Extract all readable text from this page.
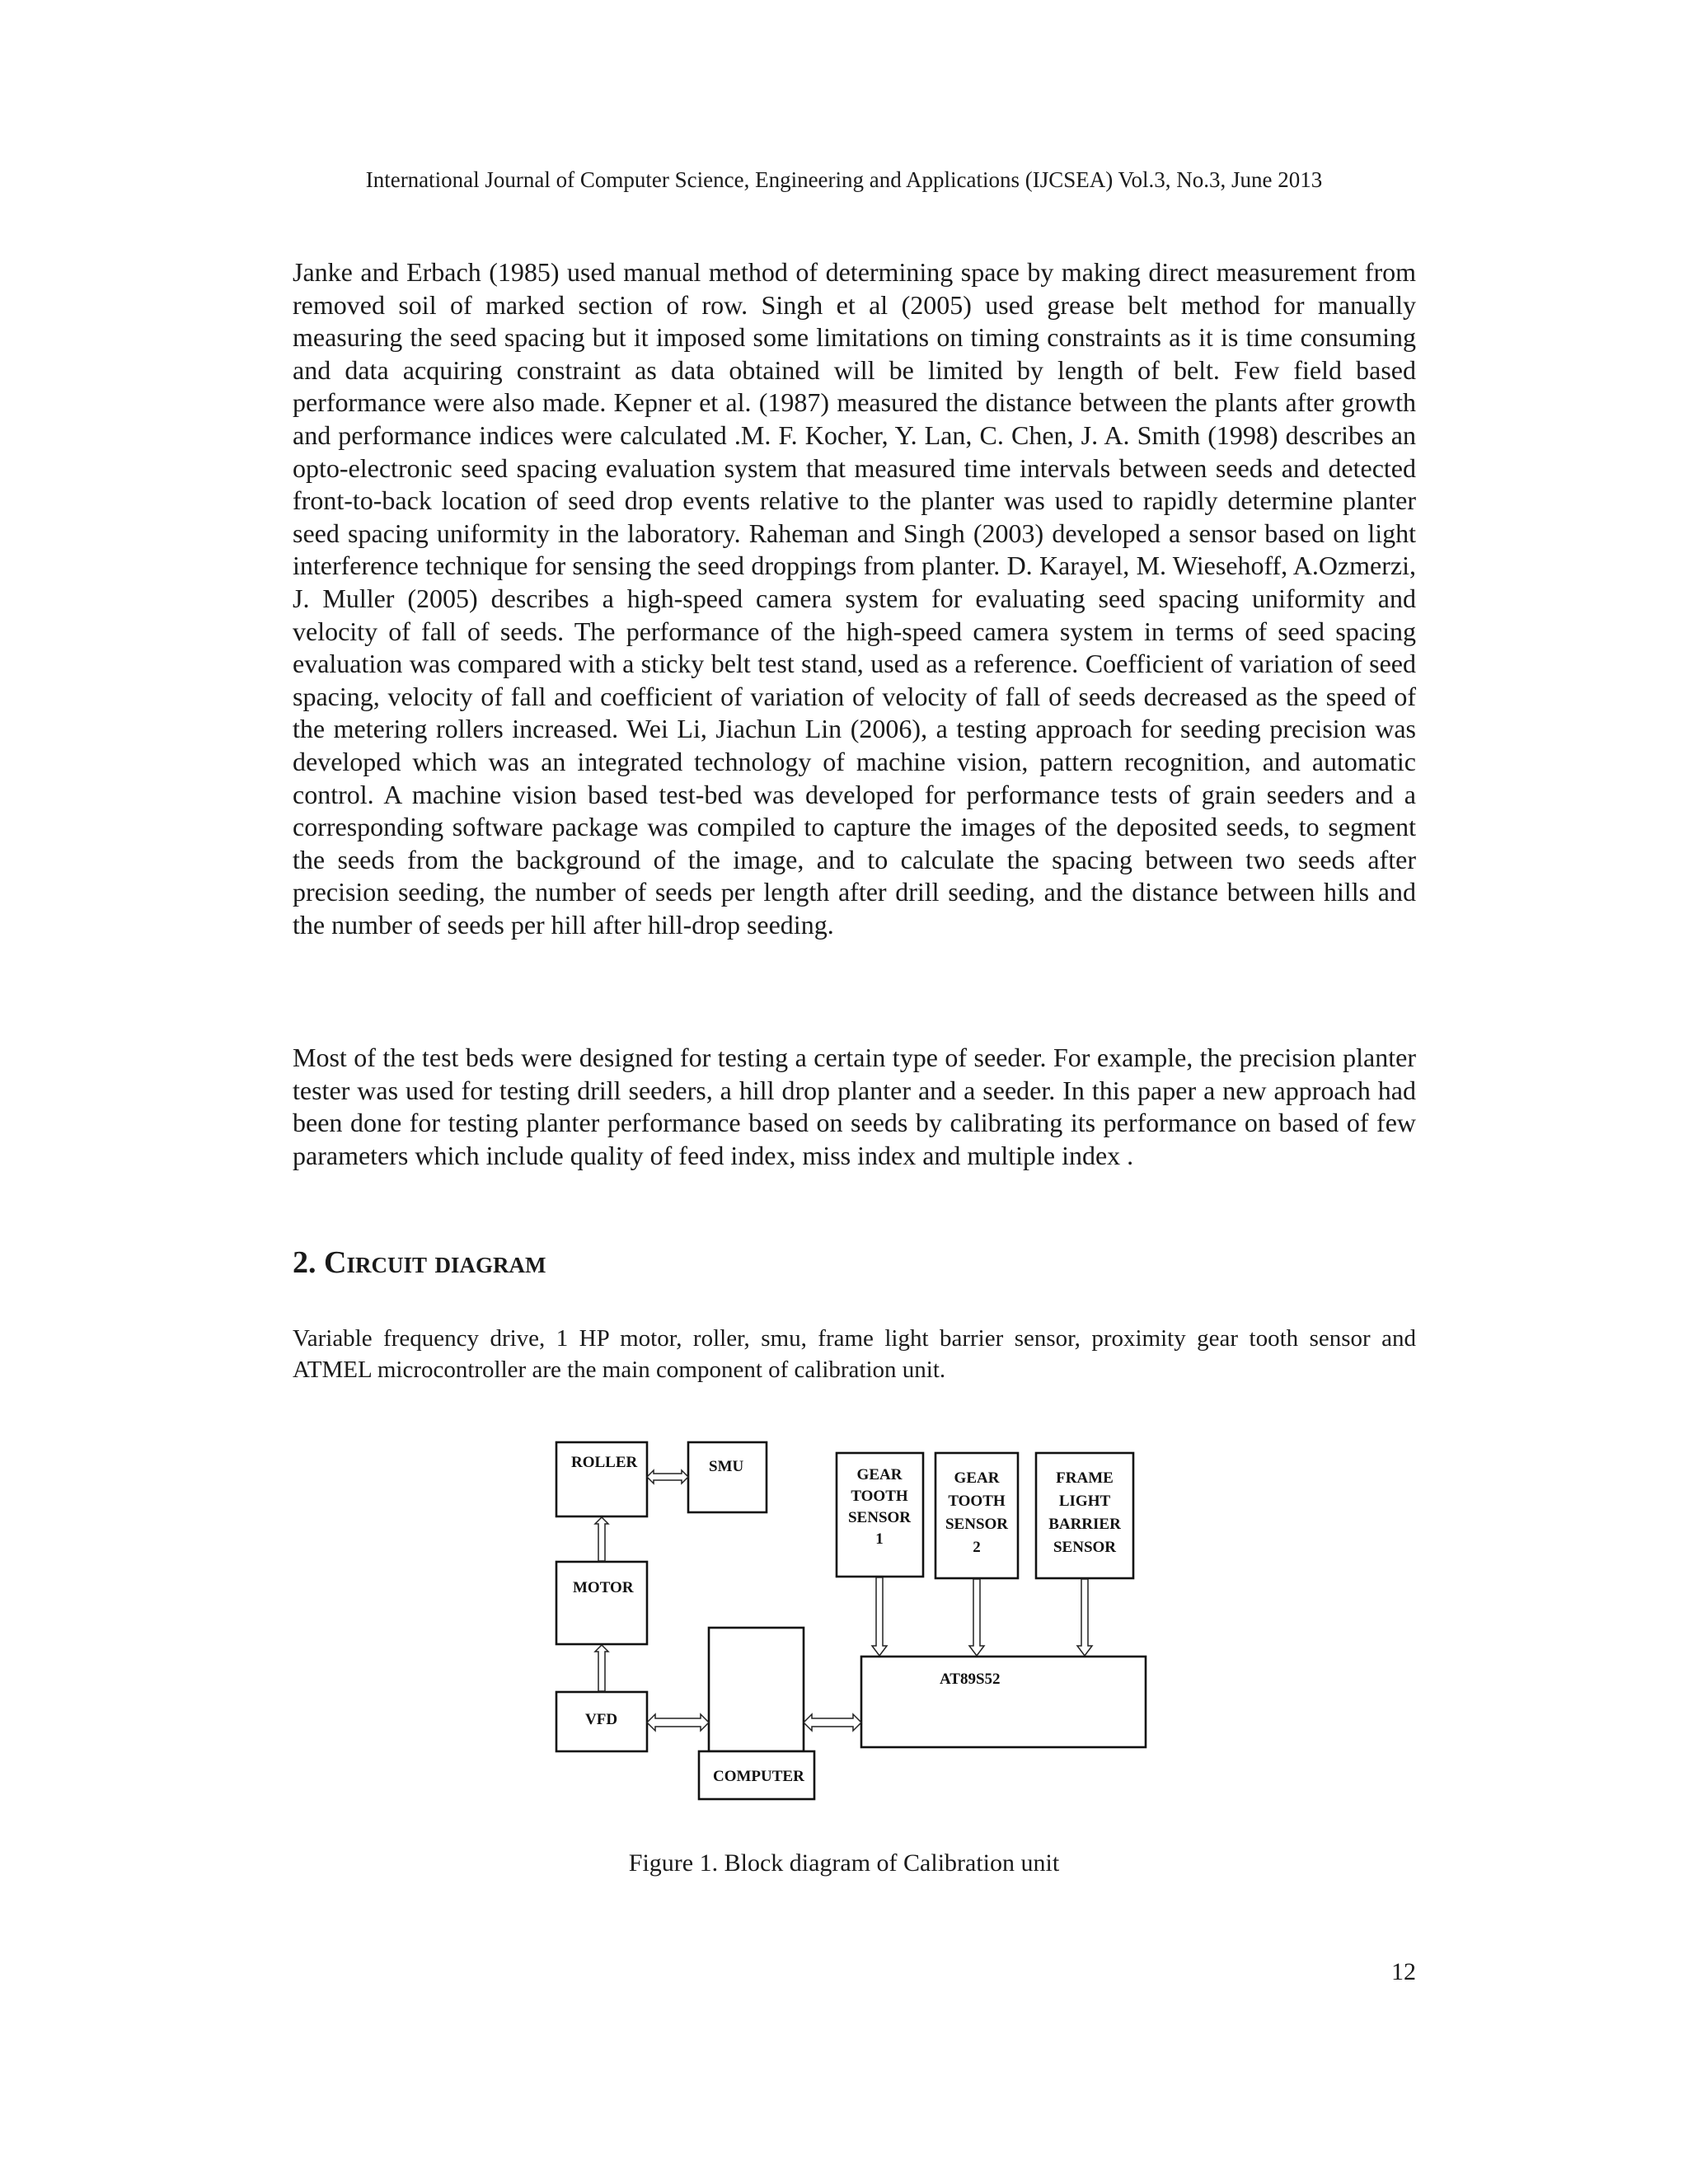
International Journal of Computer Science, Engineering and Applications (IJCSEA) Vol.3, No.3, June 2013

Janke and Erbach (1985) used manual method of determining space by making direct measurement from removed soil of marked section of row. Singh et al (2005) used grease belt method for manually measuring the seed spacing but it imposed some limitations on timing constraints as it is time consuming and data acquiring constraint as data obtained will be limited by length of belt. Few field based performance were also made. Kepner et al. (1987) measured the distance between the plants after growth and performance indices were calculated .M. F. Kocher, Y. Lan, C. Chen, J. A. Smith (1998) describes an opto-electronic seed spacing evaluation system that measured time intervals between seeds and detected front-to-back location of seed drop events relative to the planter was used to rapidly determine planter seed spacing uniformity in the laboratory. Raheman and Singh (2003) developed a sensor based on light interference technique for sensing the seed droppings from planter. D. Karayel, M. Wiesehoff, A.Ozmerzi, J. Muller (2005) describes a high-speed camera system for evaluating seed spacing uniformity and velocity of fall of seeds. The performance of the high-speed camera system in terms of seed spacing evaluation was compared with a sticky belt test stand, used as a reference. Coefficient of variation of seed spacing, velocity of fall and coefficient of variation of velocity of fall of seeds decreased as the speed of the metering rollers increased. Wei Li, Jiachun Lin (2006), a testing approach for seeding precision was developed which was an integrated technology of machine vision, pattern recognition, and automatic control. A machine vision based test-bed was developed for performance tests of grain seeders and a corresponding software package was compiled to capture the images of the deposited seeds, to segment the seeds from the background of the image, and to calculate the spacing between two seeds after precision seeding, the number of seeds per length after drill seeding, and the distance between hills and the number of seeds per hill after hill-drop seeding.

Most of the test beds were designed for testing a certain type of seeder. For example, the precision planter tester was used for testing drill seeders, a hill drop planter and a seeder. In this paper a new approach had been done for testing planter performance based on seeds by calibrating its performance on based of few parameters which include quality of feed index, miss index and multiple index .

2. Circuit diagram

Variable frequency drive, 1 HP motor, roller, smu, frame light barrier sensor, proximity gear tooth sensor and ATMEL microcontroller are the main component of calibration unit.

ROLLER	SMU
MOTOR
VFD
COMPUTER
AT89S52
GEAR
TOOTH
SENSOR
1
GEAR
TOOTH
SENSOR
2
FRAME
LIGHT
BARRIER
SENSOR
Figure 1. Block diagram of Calibration unit
12
